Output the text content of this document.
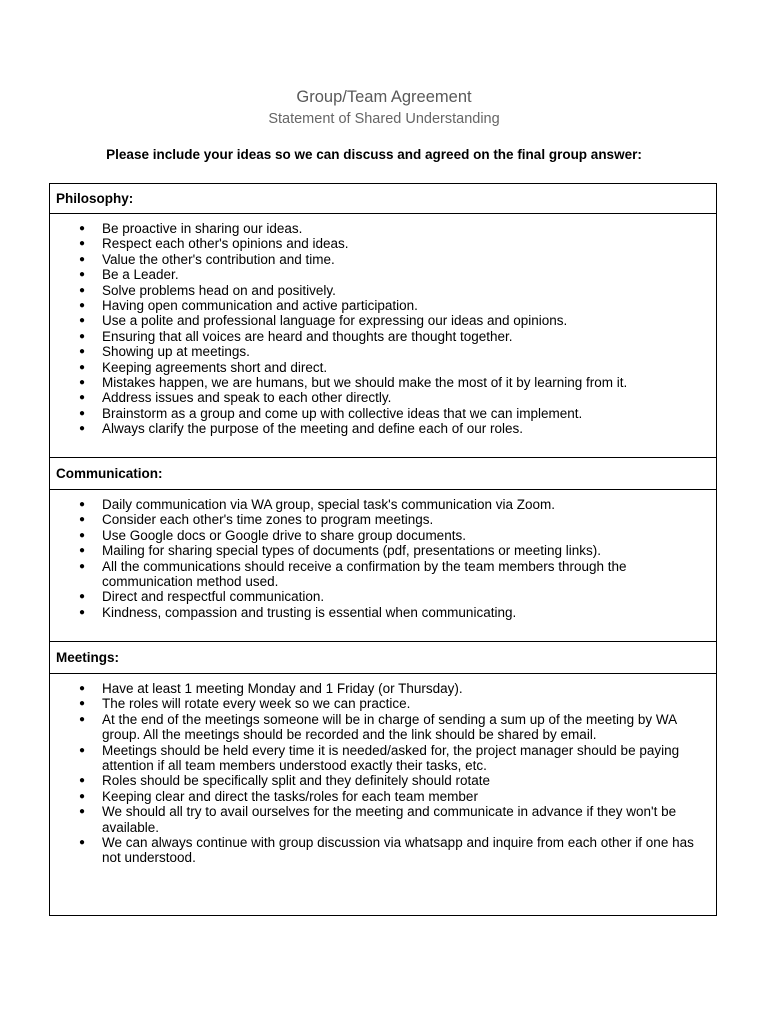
Group/Team Agreement
Statement of Shared Understanding
Please include your ideas so we can discuss and agreed on the final group answer:
Philosophy:
● Be proactive in sharing our ideas.
● Respect each other's opinions and ideas.
● Value the other's contribution and time.
● Be a Leader.
● Solve problems head on and positively.
● Having open communication and active participation.
● Use a polite and professional language for expressing our ideas and opinions.
● Ensuring that all voices are heard and thoughts are thought together.
● Showing up at meetings.
● Keeping agreements short and direct.
● Mistakes happen, we are humans, but we should make the most of it by learning from it.
● Address issues and speak to each other directly.
● Brainstorm as a group and come up with collective ideas that we can implement.
● Always clarify the purpose of the meeting and define each of our roles.
Communication:
● Daily communication via WA group, special task's communication via Zoom.
● Consider each other's time zones to program meetings.
● Use Google docs or Google drive to share group documents.
● Mailing for sharing special types of documents (pdf, presentations or meeting links).
● All the communications should receive a confirmation by the team members through the communication method used.
● Direct and respectful communication.
● Kindness, compassion and trusting is essential when communicating.
Meetings:
● Have at least 1 meeting Monday and 1 Friday (or Thursday).
● The roles will rotate every week so we can practice.
● At the end of the meetings someone will be in charge of sending a sum up of the meeting by WA group. All the meetings should be recorded and the link should be shared by email.
● Meetings should be held every time it is needed/asked for, the project manager should be paying attention if all team members understood exactly their tasks, etc.
● Roles should be specifically split and they definitely should rotate
● Keeping clear and direct the tasks/roles for each team member
● We should all try to avail ourselves for the meeting and communicate in advance if they won't be available.
● We can always continue with group discussion via whatsapp and inquire from each other if one has not understood.
